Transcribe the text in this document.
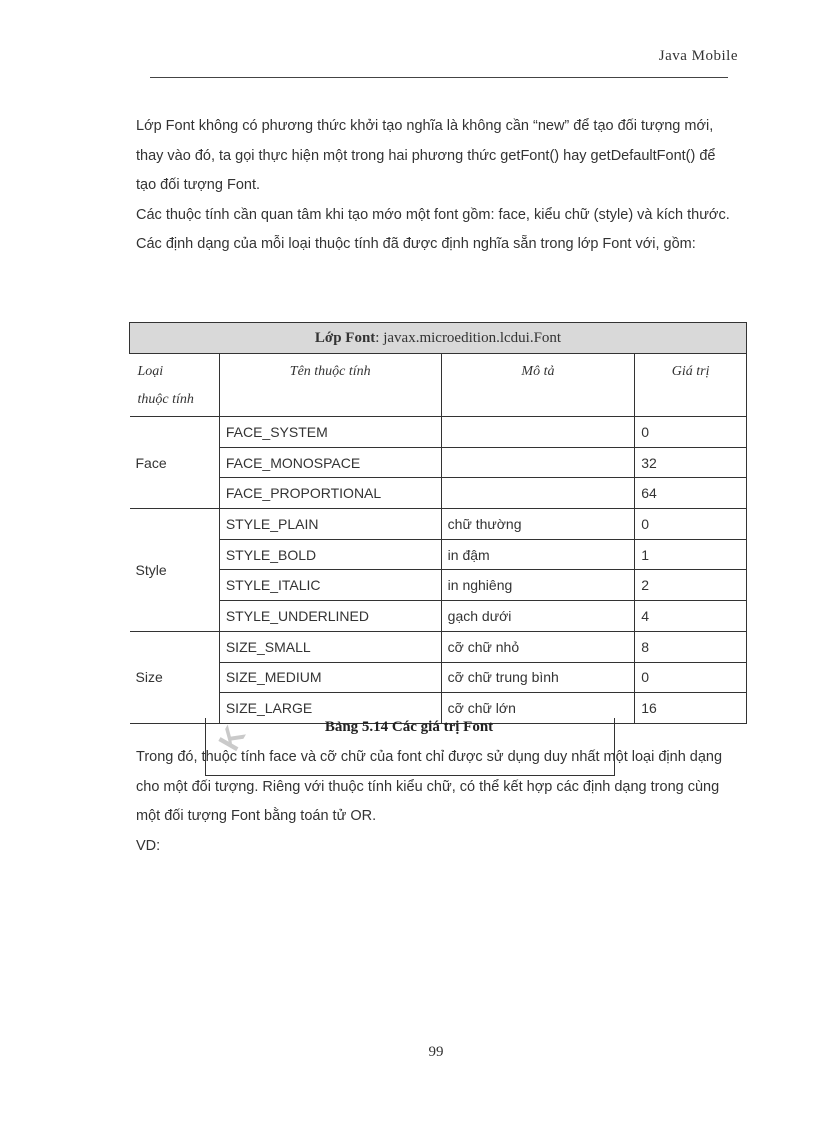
Java Mobile

Lớp Font không có phương thức khởi tạo nghĩa là không cần “new” để tạo đối tượng mới, thay vào đó, ta gọi thực hiện một trong hai phương thức getFont() hay getDefaultFont() để tạo đối tượng Font.

Các thuộc tính cần quan tâm khi tạo mớo một font gồm: face, kiểu chữ (style) và kích thước. Các định dạng của mỗi loại thuộc tính đã được định nghĩa sẵn trong lớp Font với, gồm:

Lớp Font: javax.microedition.lcdui.Font			
Loại
thuộc tính	Tên thuộc tính	Mô tả	Giá trị
Face	FACE_SYSTEM		0
	FACE_MONOSPACE		32
	FACE_PROPORTIONAL		64
Style	STYLE_PLAIN	chữ thường	0
	STYLE_BOLD	in đậm	1
	STYLE_ITALIC	in nghiêng	2
	STYLE_UNDERLINED	gạch dưới	4
Size	SIZE_SMALL	cỡ chữ nhỏ	8
	SIZE_MEDIUM	cỡ chữ trung bình	0
	SIZE_LARGE	cỡ chữ lớn	16
K	Bảng 5.14 Các giá trị Font

Trong đó, thuộc tính face và cỡ chữ của font chỉ được sử dụng duy nhất một loại định dạng cho một đối tượng. Riêng với thuộc tính kiểu chữ, có thể kết hợp các định dạng trong cùng một đối tượng Font bằng toán tử OR.

VD:

99
